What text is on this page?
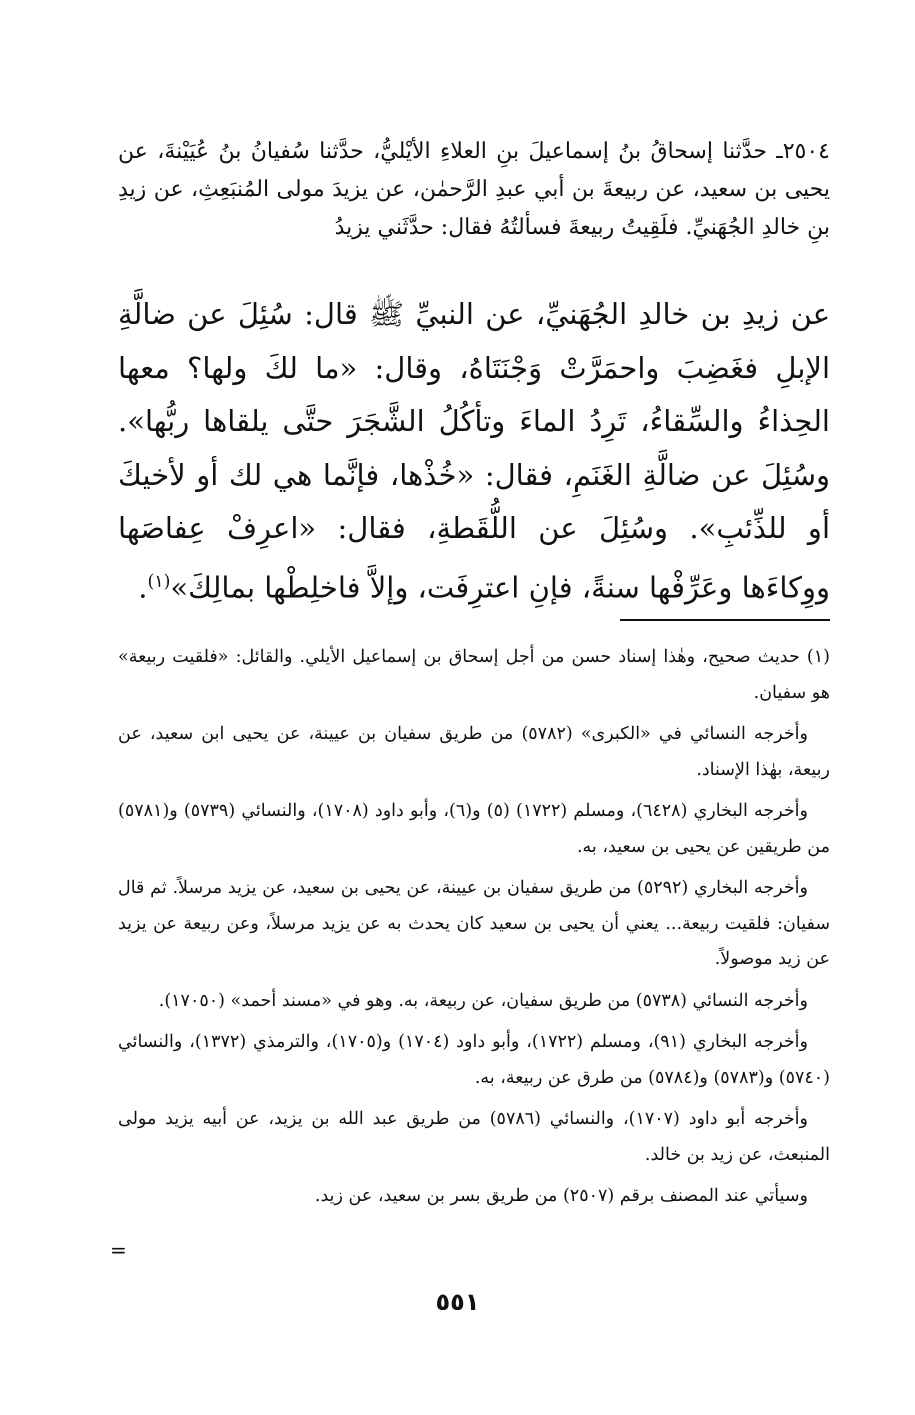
٢٥٠٤ـ حدَّثنا إسحاقُ بنُ إسماعيلَ بنِ العلاءِ الأيْليُّ، حدَّثنا سُفيانُ بنُ عُيَيْنةَ، عن يحيى بن سعيد، عن ربيعةَ بن أبي عبدِ الرَّحمٰن، عن يزيدَ مولى المُنبَعِثِ، عن زيدِ بنِ خالدِ الجُهَنيِّ. فلَقِيتُ ربيعةَ فسألتُهُ فقال: حدَّثَني يزيدُ

عن زيدِ بن خالدِ الجُهَنيِّ، عن النبيِّ ﷺ قال: سُئِلَ عن ضالَّةِ الإبلِ فغَضِبَ واحمَرَّتْ وَجْنَتَاهُ، وقال: «ما لكَ ولها؟ معها الحِذاءُ والسِّقاءُ، تَرِدُ الماءَ وتأكُلُ الشَّجَرَ حتَّى يلقاها ربُّها». وسُئِلَ عن ضالَّةِ الغَنَمِ، فقال: «خُذْها، فإنَّما هي لك أو لأخيكَ أو للذِّئبِ». وسُئِلَ عن اللُّقَطةِ، فقال: «اعرِفْ عِفاصَها ووِكاءَها وعَرِّفْها سنةً، فإنِ اعترِفَت، وإلاَّ فاخلِطْها بمالِكَ»$^{(١)}$.

(١) حديث صحيح، وهٰذا إسناد حسن من أجل إسحاق بن إسماعيل الأيلي. والقائل: «فلقيت ربيعة» هو سفيان.

وأخرجه النسائي في «الكبرى» (٥٧٨٢) من طريق سفيان بن عيينة، عن يحيى ابن سعيد، عن ربيعة، بهٰذا الإسناد.

وأخرجه البخاري (٦٤٢٨)، ومسلم (١٧٢٢) (٥) و(٦)، وأبو داود (١٧٠٨)، والنسائي (٥٧٣٩) و(٥٧٨١) من طريقين عن يحيى بن سعيد، به.

وأخرجه البخاري (٥٢٩٢) من طريق سفيان بن عيينة، عن يحيى بن سعيد، عن يزيد مرسلاً. ثم قال سفيان: فلقيت ربيعة... يعني أن يحيى بن سعيد كان يحدث به عن يزيد مرسلاً، وعن ربيعة عن يزيد عن زيد موصولاً.

وأخرجه النسائي (٥٧٣٨) من طريق سفيان، عن ربيعة، به. وهو في «مسند أحمد» (١٧٠٥٠).

وأخرجه البخاري (٩١)، ومسلم (١٧٢٢)، وأبو داود (١٧٠٤) و(١٧٠٥)، والترمذي (١٣٧٢)، والنسائي (٥٧٤٠) و(٥٧٨٣) و(٥٧٨٤) من طرق عن ربيعة، به.

وأخرجه أبو داود (١٧٠٧)، والنسائي (٥٧٨٦) من طريق عبد الله بن يزيد، عن أبيه يزيد مولى المنبعث، عن زيد بن خالد.

وسيأتي عند المصنف برقم (٢٥٠٧) من طريق بسر بن سعيد، عن زيد.

=
٥٥١
